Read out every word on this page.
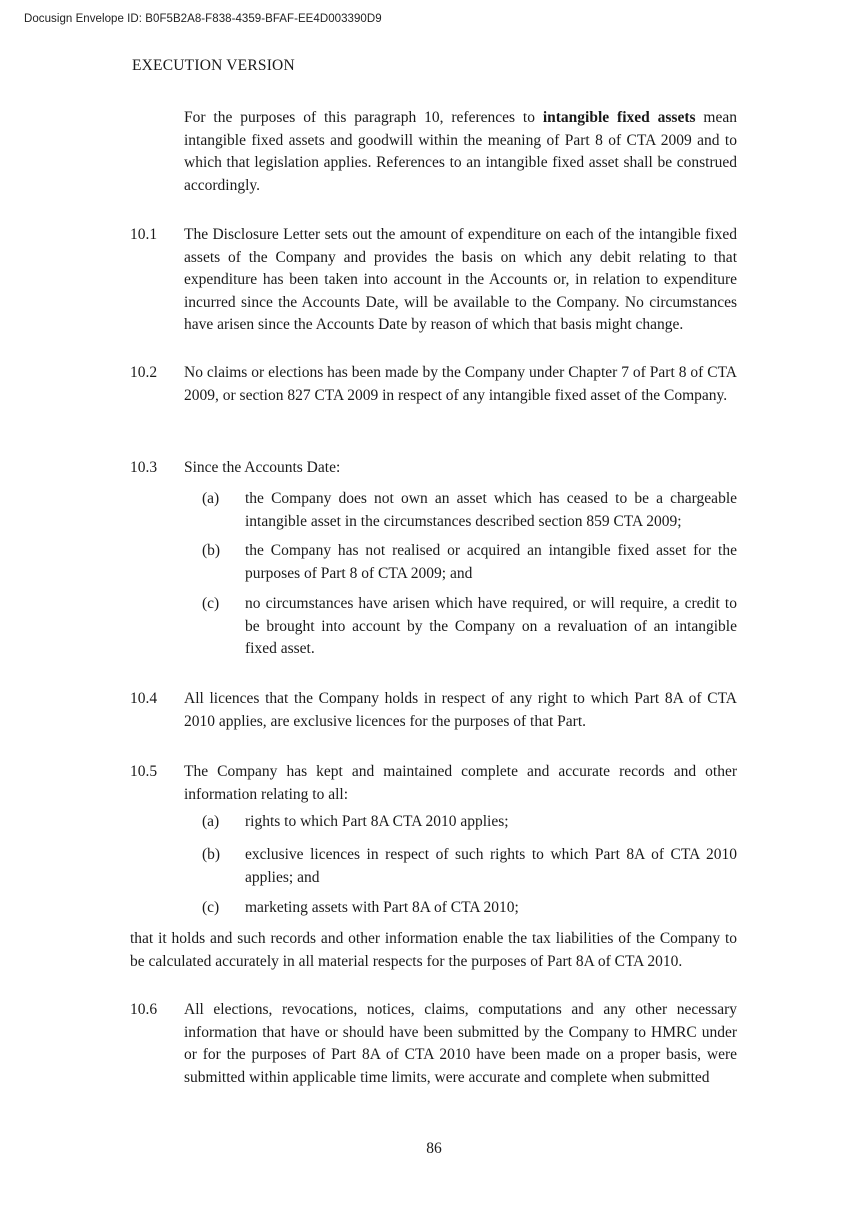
Docusign Envelope ID: B0F5B2A8-F838-4359-BFAF-EE4D003390D9
EXECUTION VERSION

For the purposes of this paragraph 10, references to intangible fixed assets mean intangible fixed assets and goodwill within the meaning of Part 8 of CTA 2009 and to which that legislation applies. References to an intangible fixed asset shall be construed accordingly.

10.1 The Disclosure Letter sets out the amount of expenditure on each of the intangible fixed assets of the Company and provides the basis on which any debit relating to that expenditure has been taken into account in the Accounts or, in relation to expenditure incurred since the Accounts Date, will be available to the Company. No circumstances have arisen since the Accounts Date by reason of which that basis might change.
10.2 No claims or elections has been made by the Company under Chapter 7 of Part 8 of CTA 2009, or section 827 CTA 2009 in respect of any intangible fixed asset of the Company.
10.3 Since the Accounts Date:
(a) the Company does not own an asset which has ceased to be a chargeable intangible asset in the circumstances described section 859 CTA 2009;
(b) the Company has not realised or acquired an intangible fixed asset for the purposes of Part 8 of CTA 2009; and
(c) no circumstances have arisen which have required, or will require, a credit to be brought into account by the Company on a revaluation of an intangible fixed asset.
10.4 All licences that the Company holds in respect of any right to which Part 8A of CTA 2010 applies, are exclusive licences for the purposes of that Part.
10.5 The Company has kept and maintained complete and accurate records and other information relating to all:
(a) rights to which Part 8A CTA 2010 applies;
(b) exclusive licences in respect of such rights to which Part 8A of CTA 2010 applies; and
(c) marketing assets with Part 8A of CTA 2010;
that it holds and such records and other information enable the tax liabilities of the Company to be calculated accurately in all material respects for the purposes of Part 8A of CTA 2010.
10.6 All elections, revocations, notices, claims, computations and any other necessary information that have or should have been submitted by the Company to HMRC under or for the purposes of Part 8A of CTA 2010 have been made on a proper basis, were submitted within applicable time limits, were accurate and complete when submitted
86
